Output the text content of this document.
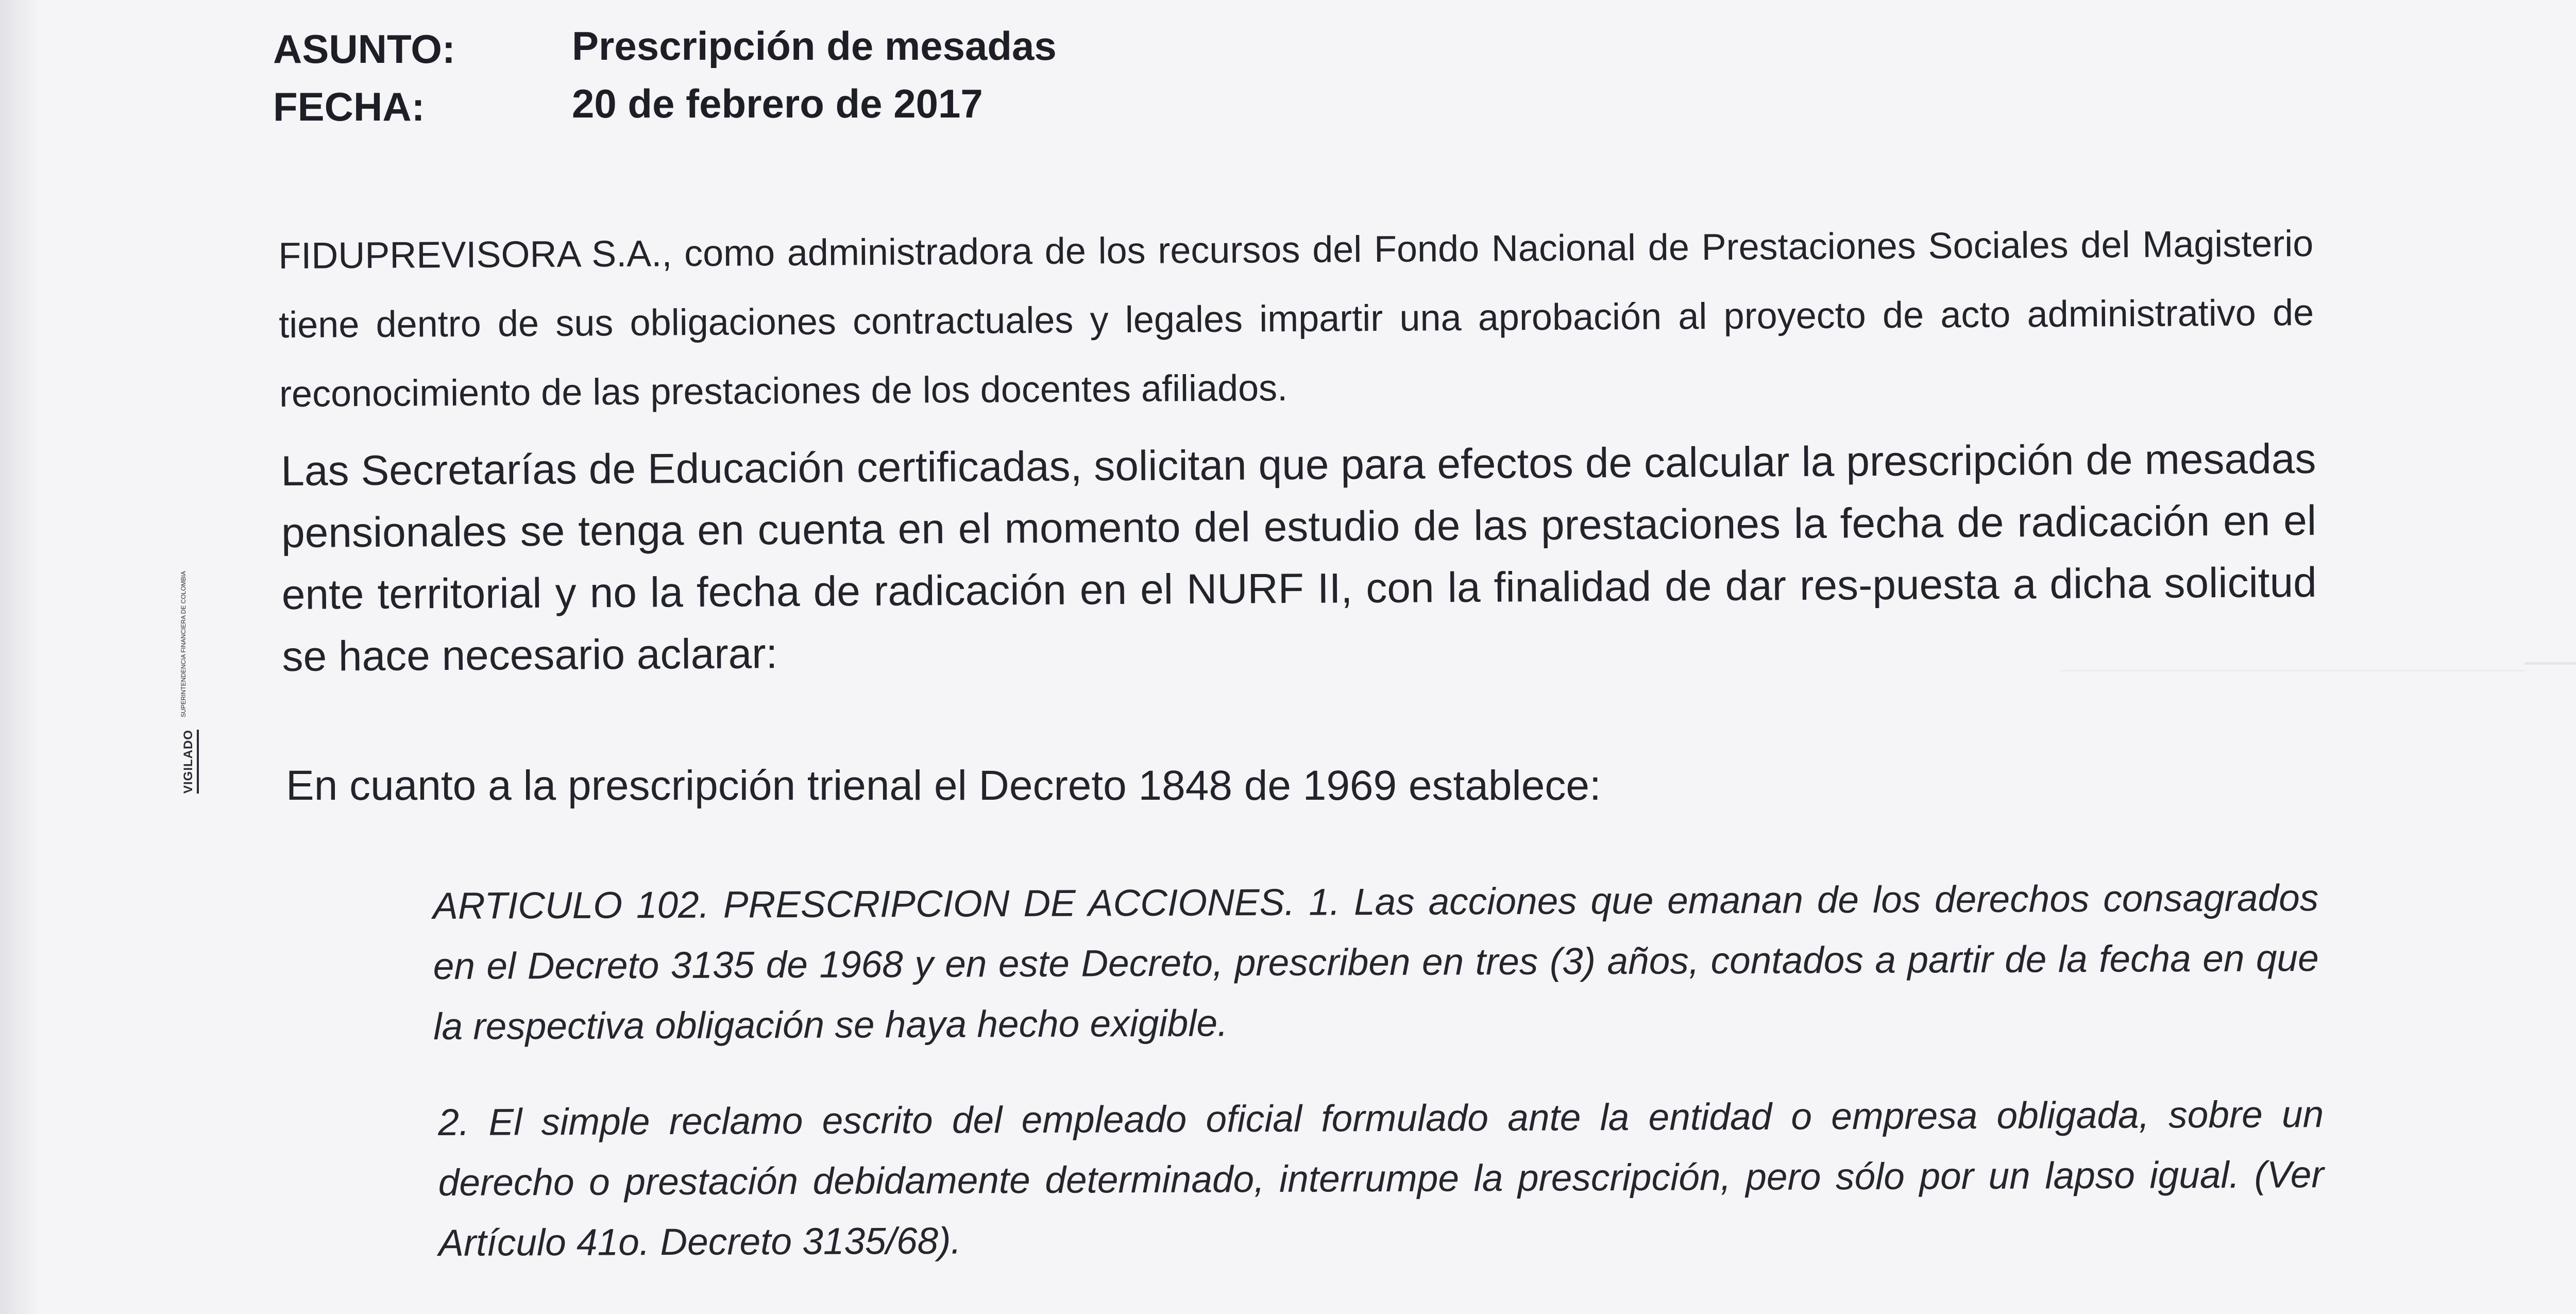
VIGILADO
SUPERINTENDENCIA FINANCIERA DE COLOMBIA
ASUNTO:	Prescripción de mesadas
FECHA:	20 de febrero de 2017

FIDUPREVISORA S.A., como administradora de los recursos del Fondo Nacional de Prestaciones Sociales del Magisterio tiene dentro de sus obligaciones contractuales y legales impartir una aprobación al proyecto de acto administrativo de reconocimiento de las prestaciones de los docentes afiliados.

Las Secretarías de Educación certificadas, solicitan que para efectos de calcular la prescripción de mesadas pensionales se tenga en cuenta en el momento del estudio de las prestaciones la fecha de radicación en el ente territorial y no la fecha de radicación en el NURF II, con la finalidad de dar res-puesta a dicha solicitud se hace necesario aclarar:

En cuanto a la prescripción trienal el Decreto 1848 de 1969 establece:

ARTICULO 102. PRESCRIPCION DE ACCIONES. 1. Las acciones que emanan de los derechos consagrados en el Decreto 3135 de 1968 y en este Decreto, prescriben en tres (3) años, contados a partir de la fecha en que la respectiva obligación se haya hecho exigible.

2. El simple reclamo escrito del empleado oficial formulado ante la entidad o empresa obligada, sobre un derecho o prestación debidamente determinado, interrumpe la prescripción, pero sólo por un lapso igual. (Ver Artículo 41o. Decreto 3135/68).
